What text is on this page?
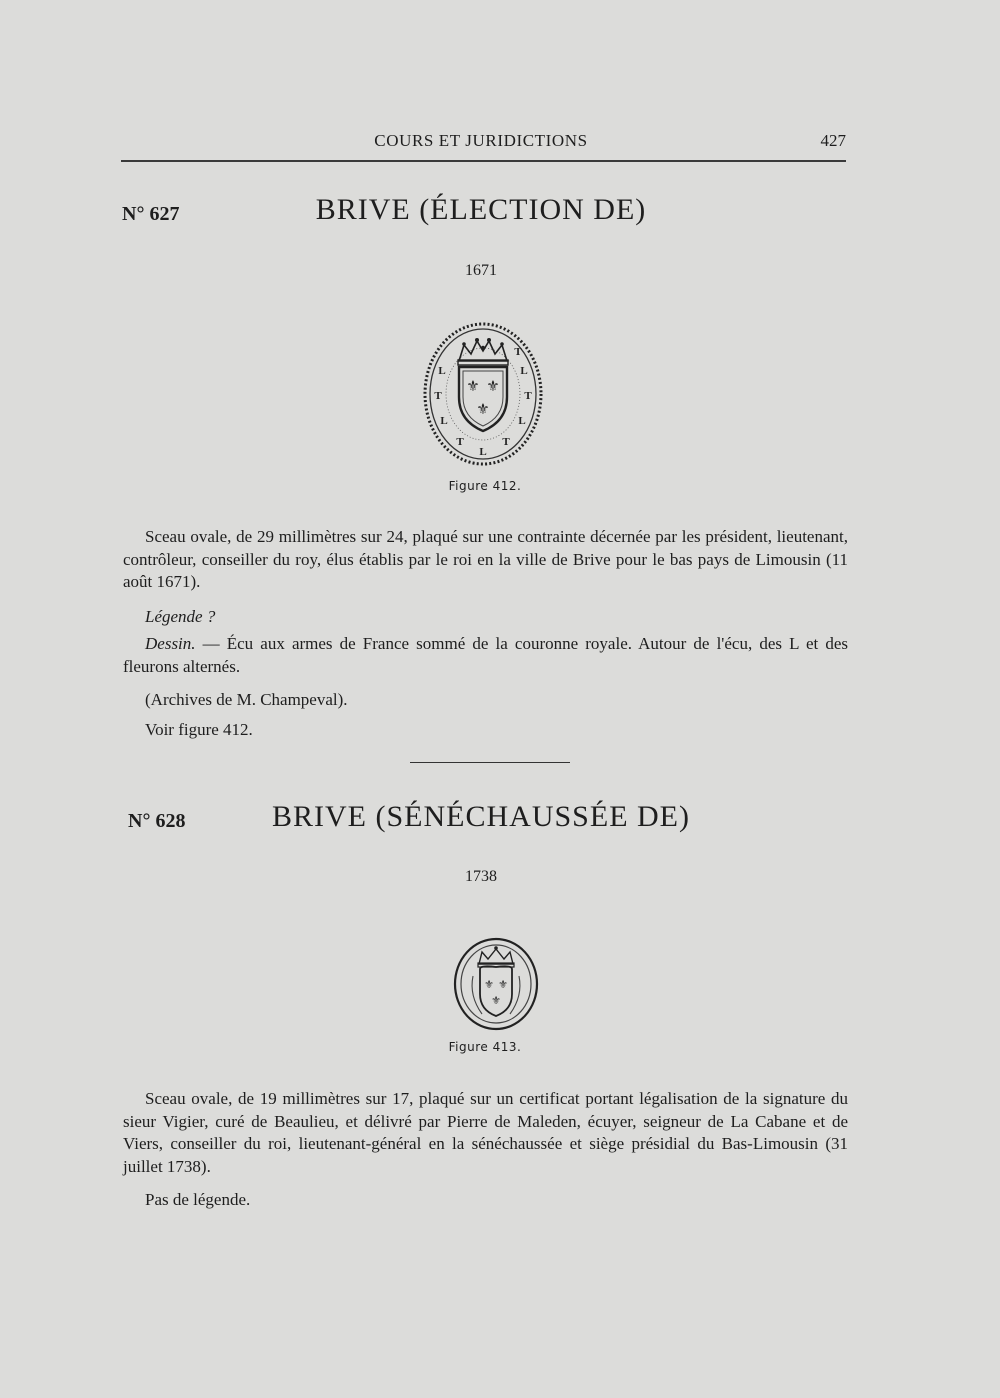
COURS ET JURIDICTIONS	427
N° 627	BRIVE (ÉLECTION DE)
1671
⚜ ⚜
⚜
L
T
L
T
L
T
L
T
L
T
Figure 412.
Sceau ovale, de 29 millimètres sur 24, plaqué sur une contrainte décernée par les président, lieutenant, contrôleur, conseiller du roy, élus établis par le roi en la ville de Brive pour le bas pays de Limousin (11 août 1671).
Légende ?
Dessin. — Écu aux armes de France sommé de la couronne royale. Autour de l'écu, des L et des fleurons alternés.
(Archives de M. Champeval).
Voir figure 412.
N° 628	BRIVE (SÉNÉCHAUSSÉE DE)
1738
⚜ ⚜
⚜
Figure 413.
Sceau ovale, de 19 millimètres sur 17, plaqué sur un certificat portant légalisation de la signature du sieur Vigier, curé de Beaulieu, et délivré par Pierre de Maleden, écuyer, seigneur de La Cabane et de Viers, conseiller du roi, lieutenant-général en la sénéchaussée et siège présidial du Bas-Limousin (31 juillet 1738).
Pas de légende.
